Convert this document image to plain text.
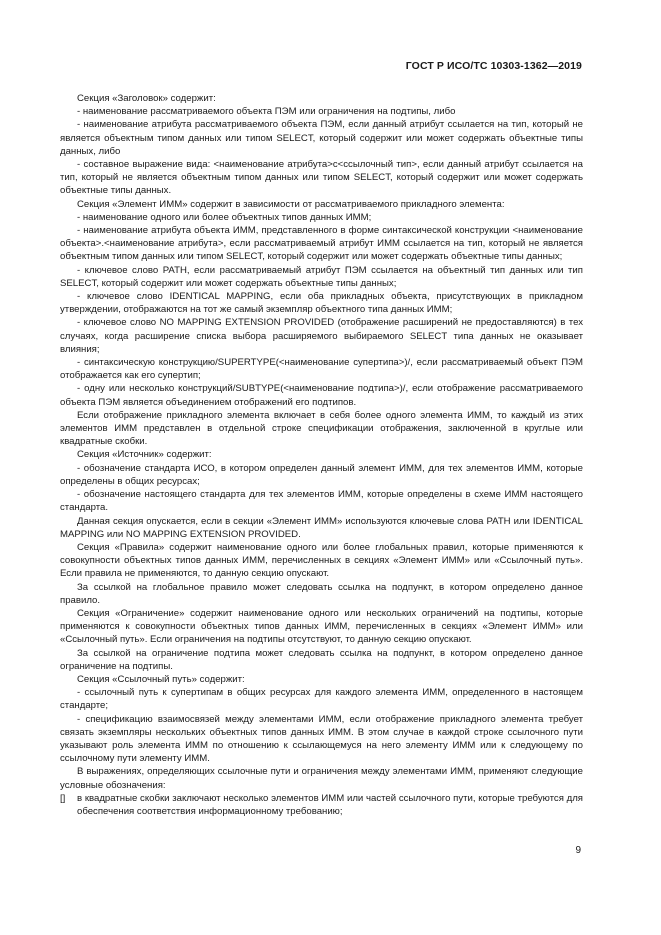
ГОСТ Р ИСО/ТС 10303-1362—2019

Секция «Заголовок» содержит:

- наименование рассматриваемого объекта ПЭМ или ограничения на подтипы, либо

- наименование атрибута рассматриваемого объекта ПЭМ, если данный атрибут ссылается на тип, который не является объектным типом данных или типом SELECT, который содержит или может содержать объектные типы данных, либо

- составное выражение вида: <наименование атрибута>с<ссылочный тип>, если данный атрибут ссылается на тип, который не является объектным типом данных или типом SELECT, который содержит или может содержать объектные типы данных.

Секция «Элемент ИММ» содержит в зависимости от рассматриваемого прикладного элемента:

- наименование одного или более объектных типов данных ИММ;

- наименование атрибута объекта ИММ, представленного в форме синтаксической конструкции <наименование объекта>.<наименование атрибута>, если рассматриваемый атрибут ИММ ссылается на тип, который не является объектным типом данных или типом SELECT, который содержит или может содержать объектные типы данных;

- ключевое слово PATH, если рассматриваемый атрибут ПЭМ ссылается на объектный тип данных или тип SELECT, который содержит или может содержать объектные типы данных;

- ключевое слово IDENTICAL MAPPING, если оба прикладных объекта, присутствующих в прикладном утверждении, отображаются на тот же самый экземпляр объектного типа данных ИММ;

- ключевое слово NO MAPPING EXTENSION PROVIDED (отображение расширений не предоставляются) в тех случаях, когда расширение списка выбора расширяемого выбираемого SELECT типа данных не оказывает влияния;

- синтаксическую конструкцию/SUPERTYPE(<наименование супертипа>)/, если рассматриваемый объект ПЭМ отображается как его супертип;

- одну или несколько конструкций/SUBTYPE(<наименование подтипа>)/, если отображение рассматриваемого объекта ПЭМ является объединением отображений его подтипов.

Если отображение прикладного элемента включает в себя более одного элемента ИММ, то каждый из этих элементов ИММ представлен в отдельной строке спецификации отображения, заключенной в круглые или квадратные скобки.

Секция «Источник» содержит:

- обозначение стандарта ИСО, в котором определен данный элемент ИММ, для тех элементов ИММ, которые определены в общих ресурсах;

- обозначение настоящего стандарта для тех элементов ИММ, которые определены в схеме ИММ настоящего стандарта.

Данная секция опускается, если в секции «Элемент ИММ» используются ключевые слова PATH или IDENTICAL MAPPING или NO MAPPING EXTENSION PROVIDED.

Секция «Правила» содержит наименование одного или более глобальных правил, которые применяются к совокупности объектных типов данных ИММ, перечисленных в секциях «Элемент ИММ» или «Ссылочный путь». Если правила не применяются, то данную секцию опускают.

За ссылкой на глобальное правило может следовать ссылка на подпункт, в котором определено данное правило.

Секция «Ограничение» содержит наименование одного или нескольких ограничений на подтипы, которые применяются к совокупности объектных типов данных ИММ, перечисленных в секциях «Элемент ИММ» или «Ссылочный путь». Если ограничения на подтипы отсутствуют, то данную секцию опускают.

За ссылкой на ограничение подтипа может следовать ссылка на подпункт, в котором определено данное ограничение на подтипы.

Секция «Ссылочный путь» содержит:

- ссылочный путь к супертипам в общих ресурсах для каждого элемента ИММ, определенного в настоящем стандарте;

- спецификацию взаимосвязей между элементами ИММ, если отображение прикладного элемента требует связать экземпляры нескольких объектных типов данных ИММ. В этом случае в каждой строке ссылочного пути указывают роль элемента ИММ по отношению к ссылающемуся на него элементу ИММ или к следующему по ссылочному пути элементу ИММ.

В выражениях, определяющих ссылочные пути и ограничения между элементами ИММ, применяют следующие условные обозначения:

[]	в квадратные скобки заключают несколько элементов ИММ или частей ссылочного пути, которые требуются для обеспечения соответствия информационному требованию;
9
